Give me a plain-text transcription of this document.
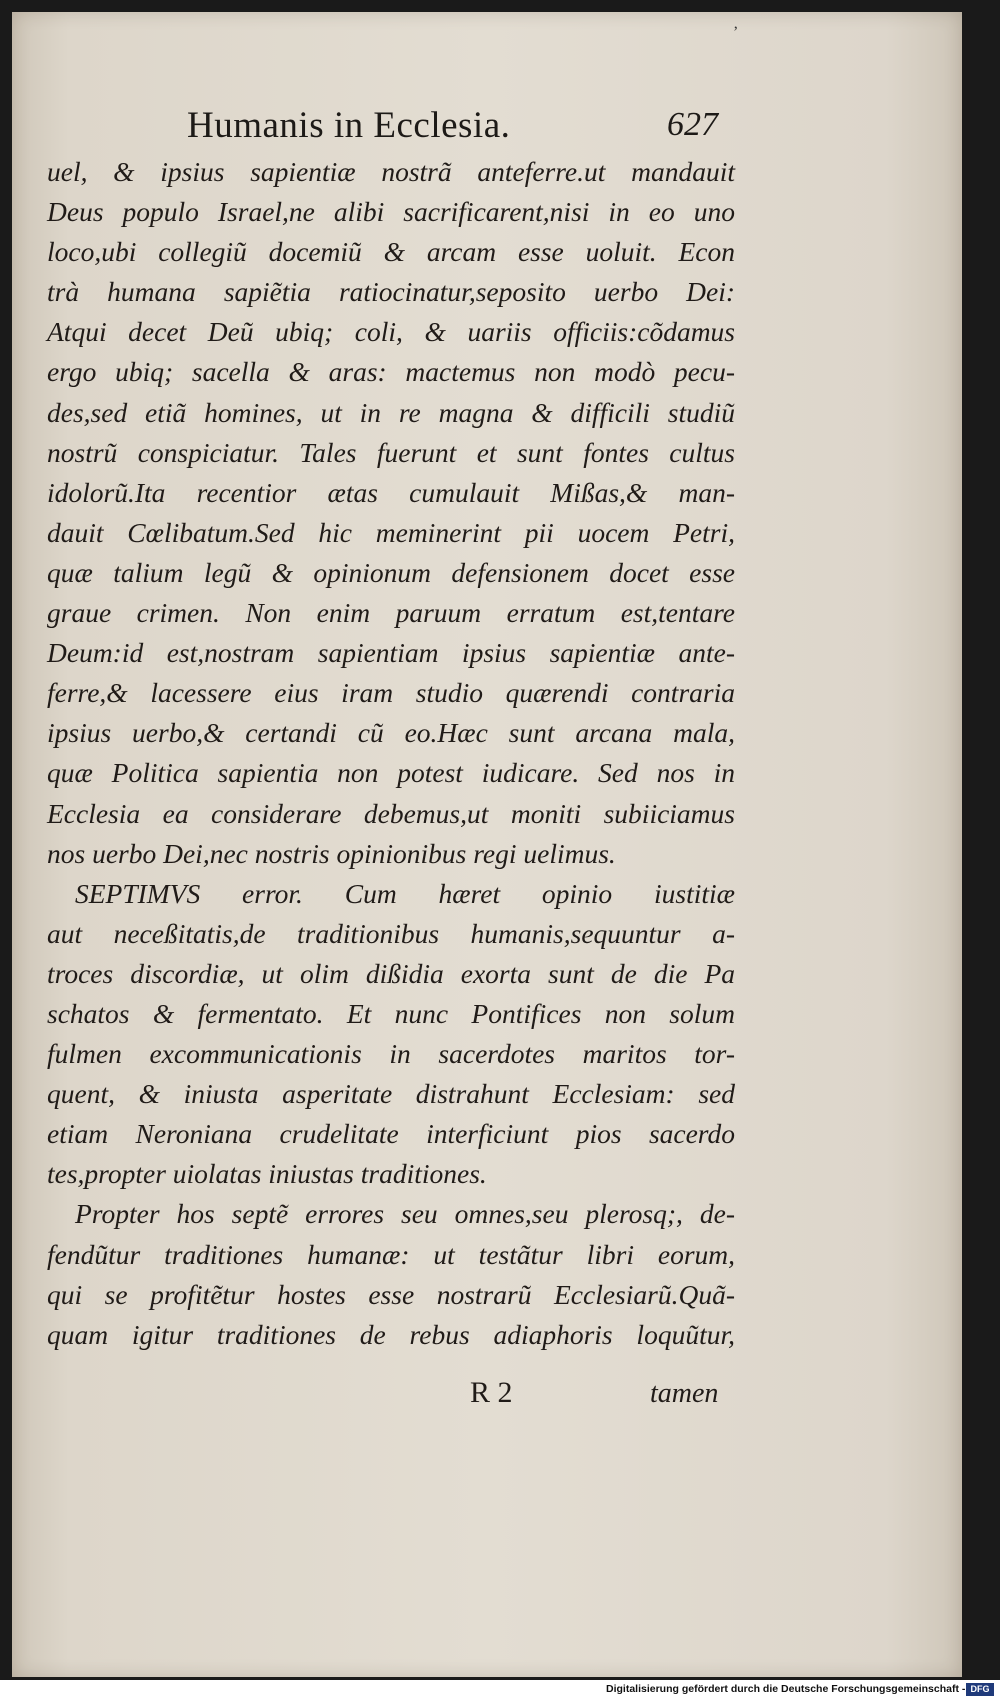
ʼ
Humanis in Ecclesia.	627
uel, & ipsius sapientiæ nostrã anteferre.ut mandauit
Deus populo Israel,ne alibi sacrificarent,nisi in eo uno
loco,ubi collegiũ docemiũ & arcam esse uoluit. Econ
trà humana sapiẽtia ratiocinatur,seposito uerbo Dei:
Atqui decet Deũ ubiq; coli, & uariis officiis:cõdamus
ergo ubiq; sacella & aras: mactemus non modò pecu-
des,sed etiã homines, ut in re magna & difficili studiũ
nostrũ conspiciatur. Tales fuerunt et sunt fontes cultus
idolorũ.Ita recentior ætas cumulauit Mißas,& man-
dauit Cœlibatum.Sed hic meminerint pii uocem Petri,
quæ talium legũ & opinionum defensionem docet esse
graue crimen. Non enim paruum erratum est,tentare
Deum:id est,nostram sapientiam ipsius sapientiæ ante-
ferre,& lacessere eius iram studio quærendi contraria
ipsius uerbo,& certandi cũ eo.Hæc sunt arcana mala,
quæ Politica sapientia non potest iudicare. Sed nos in
Ecclesia ea considerare debemus,ut moniti subiiciamus
nos uerbo Dei,nec nostris opinionibus regi uelimus.
SEPTIMVS error. Cum hæret opinio iustitiæ
aut neceßitatis,de traditionibus humanis,sequuntur a-
troces discordiæ, ut olim dißidia exorta sunt de die Pa
schatos & fermentato. Et nunc Pontifices non solum
fulmen excommunicationis in sacerdotes maritos tor-
quent, & iniusta asperitate distrahunt Ecclesiam: sed
etiam Neroniana crudelitate interficiunt pios sacerdo
tes,propter uiolatas iniustas traditiones.
Propter hos septẽ errores seu omnes,seu plerosq;, de-
fendũtur traditiones humanæ: ut testãtur libri eorum,
qui se profitẽtur hostes esse nostrarũ Ecclesiarũ.Quã-
quam igitur traditiones de rebus adiaphoris loquũtur,
R 2	tamen
Digitalisierung gefördert durch die Deutsche Forschungsgemeinschaft - DFG
